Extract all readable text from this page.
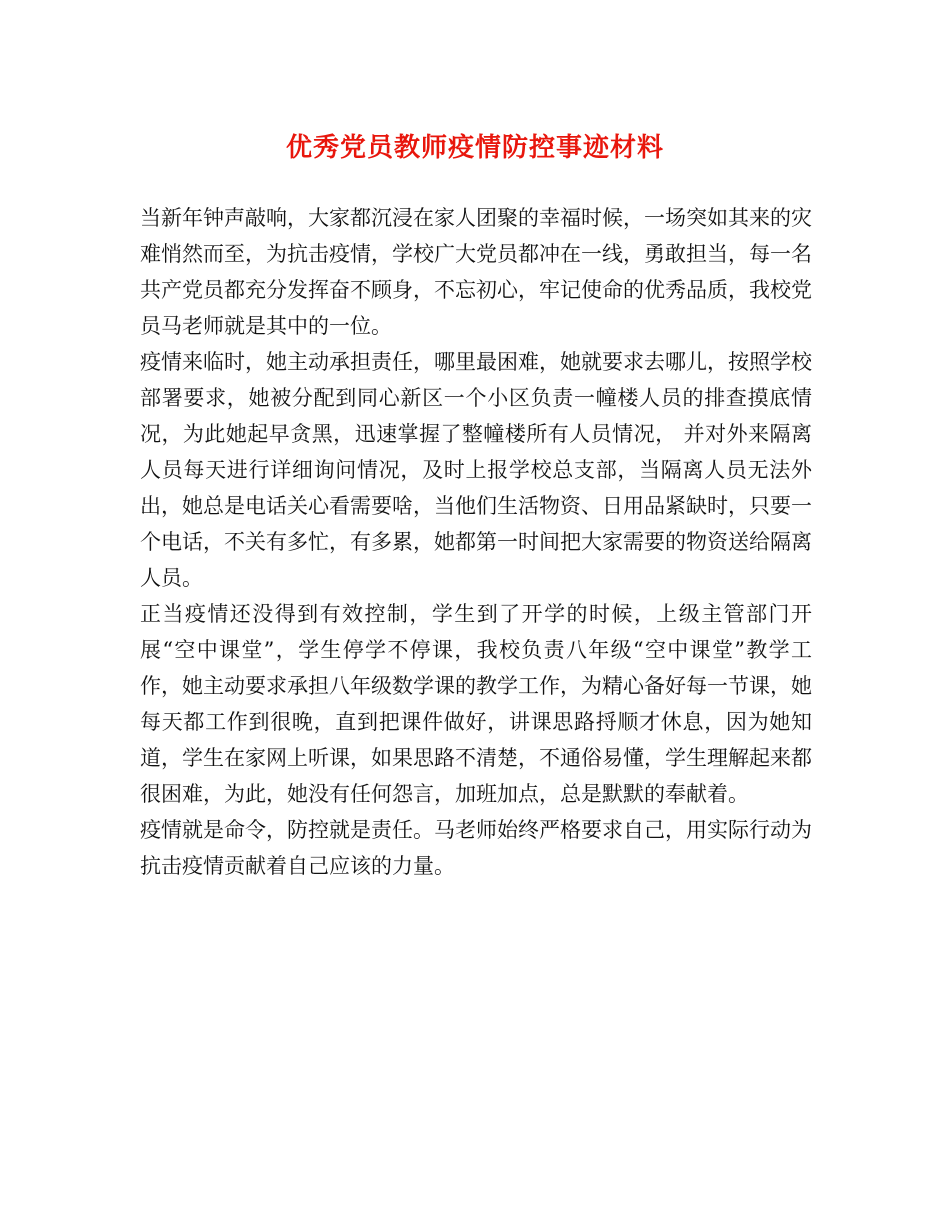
优秀党员教师疫情防控事迹材料

当新年钟声敲响，大家都沉浸在家人团聚的幸福时候，一场突如其来的灾难悄然而至，为抗击疫情，学校广大党员都冲在一线，勇敢担当，每一名共产党员都充分发挥奋不顾身，不忘初心，牢记使命的优秀品质，我校党员马老师就是其中的一位。

疫情来临时，她主动承担责任，哪里最困难，她就要求去哪儿，按照学校部署要求，她被分配到同心新区一个小区负责一幢楼人员的排查摸底情况，为此她起早贪黑，迅速掌握了整幢楼所有人员情况， 并对外来隔离人员每天进行详细询问情况，及时上报学校总支部，当隔离人员无法外出，她总是电话关心看需要啥，当他们生活物资、日用品紧缺时，只要一个电话，不关有多忙，有多累，她都第一时间把大家需要的物资送给隔离人员。

正当疫情还没得到有效控制，学生到了开学的时候，上级主管部门开展“空中课堂”，学生停学不停课，我校负责八年级“空中课堂”教学工作，她主动要求承担八年级数学课的教学工作，为精心备好每一节课，她每天都工作到很晚，直到把课件做好，讲课思路捋顺才休息，因为她知道，学生在家网上听课，如果思路不清楚，不通俗易懂，学生理解起来都很困难，为此，她没有任何怨言，加班加点，总是默默的奉献着。

疫情就是命令，防控就是责任。马老师始终严格要求自己，用实际行动为抗击疫情贡献着自己应该的力量。
